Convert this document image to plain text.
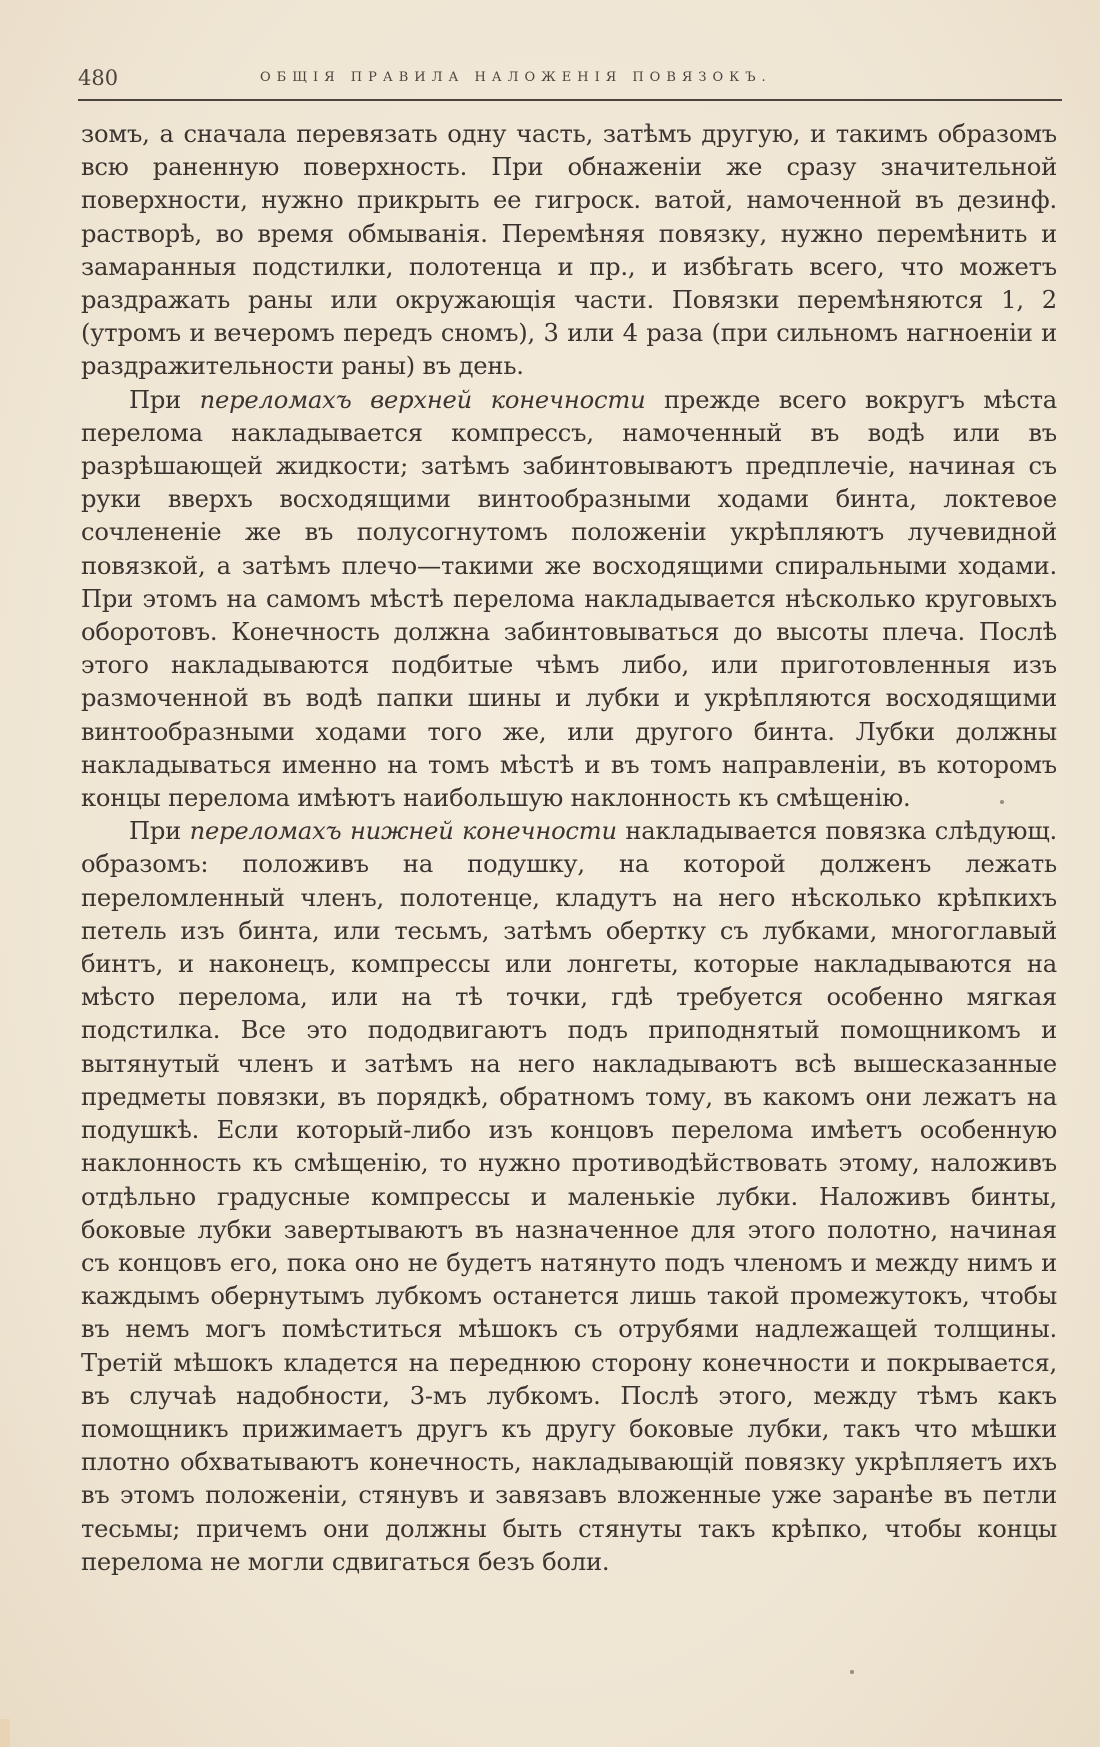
480	ОБЩІЯ ПРАВИЛА НАЛОЖЕНІЯ ПОВЯЗОКЪ.

зомъ, а сначала перевязать одну часть, затѣмъ другую, и такимъ образомъ всю раненную поверхность. При обнаженіи же сразу значительной поверхности, нужно прикрыть ее гигроск. ватой, намоченной въ дезинф. растворѣ, во время обмыванія. Перемѣняя повязку, нужно перемѣнить и замаранныя подстилки, полотенца и пр., и избѣгать всего, что можетъ раздражать раны или окружающія части. Повязки перемѣняются 1, 2 (утромъ и вечеромъ передъ сномъ), 3 или 4 раза (при сильномъ нагноеніи и раздражительности раны) въ день.

При переломахъ верхней конечности прежде всего вокругъ мѣста перелома накладывается компрессъ, намоченный въ водѣ или въ разрѣшающей жидкости; затѣмъ забинтовываютъ предплечіе, начиная съ руки вверхъ восходящими винтообразными ходами бинта, локтевое сочлененіе же въ полусогнутомъ положеніи укрѣпляютъ лучевидной повязкой, а затѣмъ плечо—такими же восходящими спиральными ходами. При этомъ на самомъ мѣстѣ перелома накладывается нѣсколько круговыхъ оборотовъ. Конечность должна забинтовываться до высоты плеча. Послѣ этого накладываются подбитые чѣмъ либо, или приготовленныя изъ размоченной въ водѣ папки шины и лубки и укрѣпляются восходящими винтообразными ходами того же, или другого бинта. Лубки должны накладываться именно на томъ мѣстѣ и въ томъ направленіи, въ которомъ концы перелома имѣютъ наибольшую наклонность къ смѣщенію.

При переломахъ нижней конечности накладывается повязка слѣдующ. образомъ: положивъ на подушку, на которой долженъ лежать переломленный членъ, полотенце, кладутъ на него нѣсколько крѣпкихъ петель изъ бинта, или тесьмъ, затѣмъ обертку съ лубками, многоглавый бинтъ, и наконецъ, компрессы или лонгеты, которые накладываются на мѣсто перелома, или на тѣ точки, гдѣ требуется особенно мягкая подстилка. Все это пододвигаютъ подъ приподнятый помощникомъ и вытянутый членъ и затѣмъ на него накладываютъ всѣ вышесказанные предметы повязки, въ порядкѣ, обратномъ тому, въ какомъ они лежатъ на подушкѣ. Если который-либо изъ концовъ перелома имѣетъ особенную наклонность къ смѣщенію, то нужно противодѣйствовать этому, наложивъ отдѣльно градусные компрессы и маленькіе лубки. Наложивъ бинты, боковые лубки завертываютъ въ назначенное для этого полотно, начиная съ концовъ его, пока оно не будетъ натянуто подъ членомъ и между нимъ и каждымъ обернутымъ лубкомъ останется лишь такой промежутокъ, чтобы въ немъ могъ помѣститься мѣшокъ съ отрубями надлежащей толщины. Третій мѣшокъ кладется на переднюю сторону конечности и покрывается, въ случаѣ надобности, 3-мъ лубкомъ. Послѣ этого, между тѣмъ какъ помощникъ прижимаетъ другъ къ другу боковые лубки, такъ что мѣшки плотно обхватываютъ конечность, накладывающій повязку укрѣпляетъ ихъ въ этомъ положеніи, стянувъ и завязавъ вложенные уже заранѣе въ петли тесьмы; причемъ они должны быть стянуты такъ крѣпко, чтобы концы перелома не могли сдвигаться безъ боли.
